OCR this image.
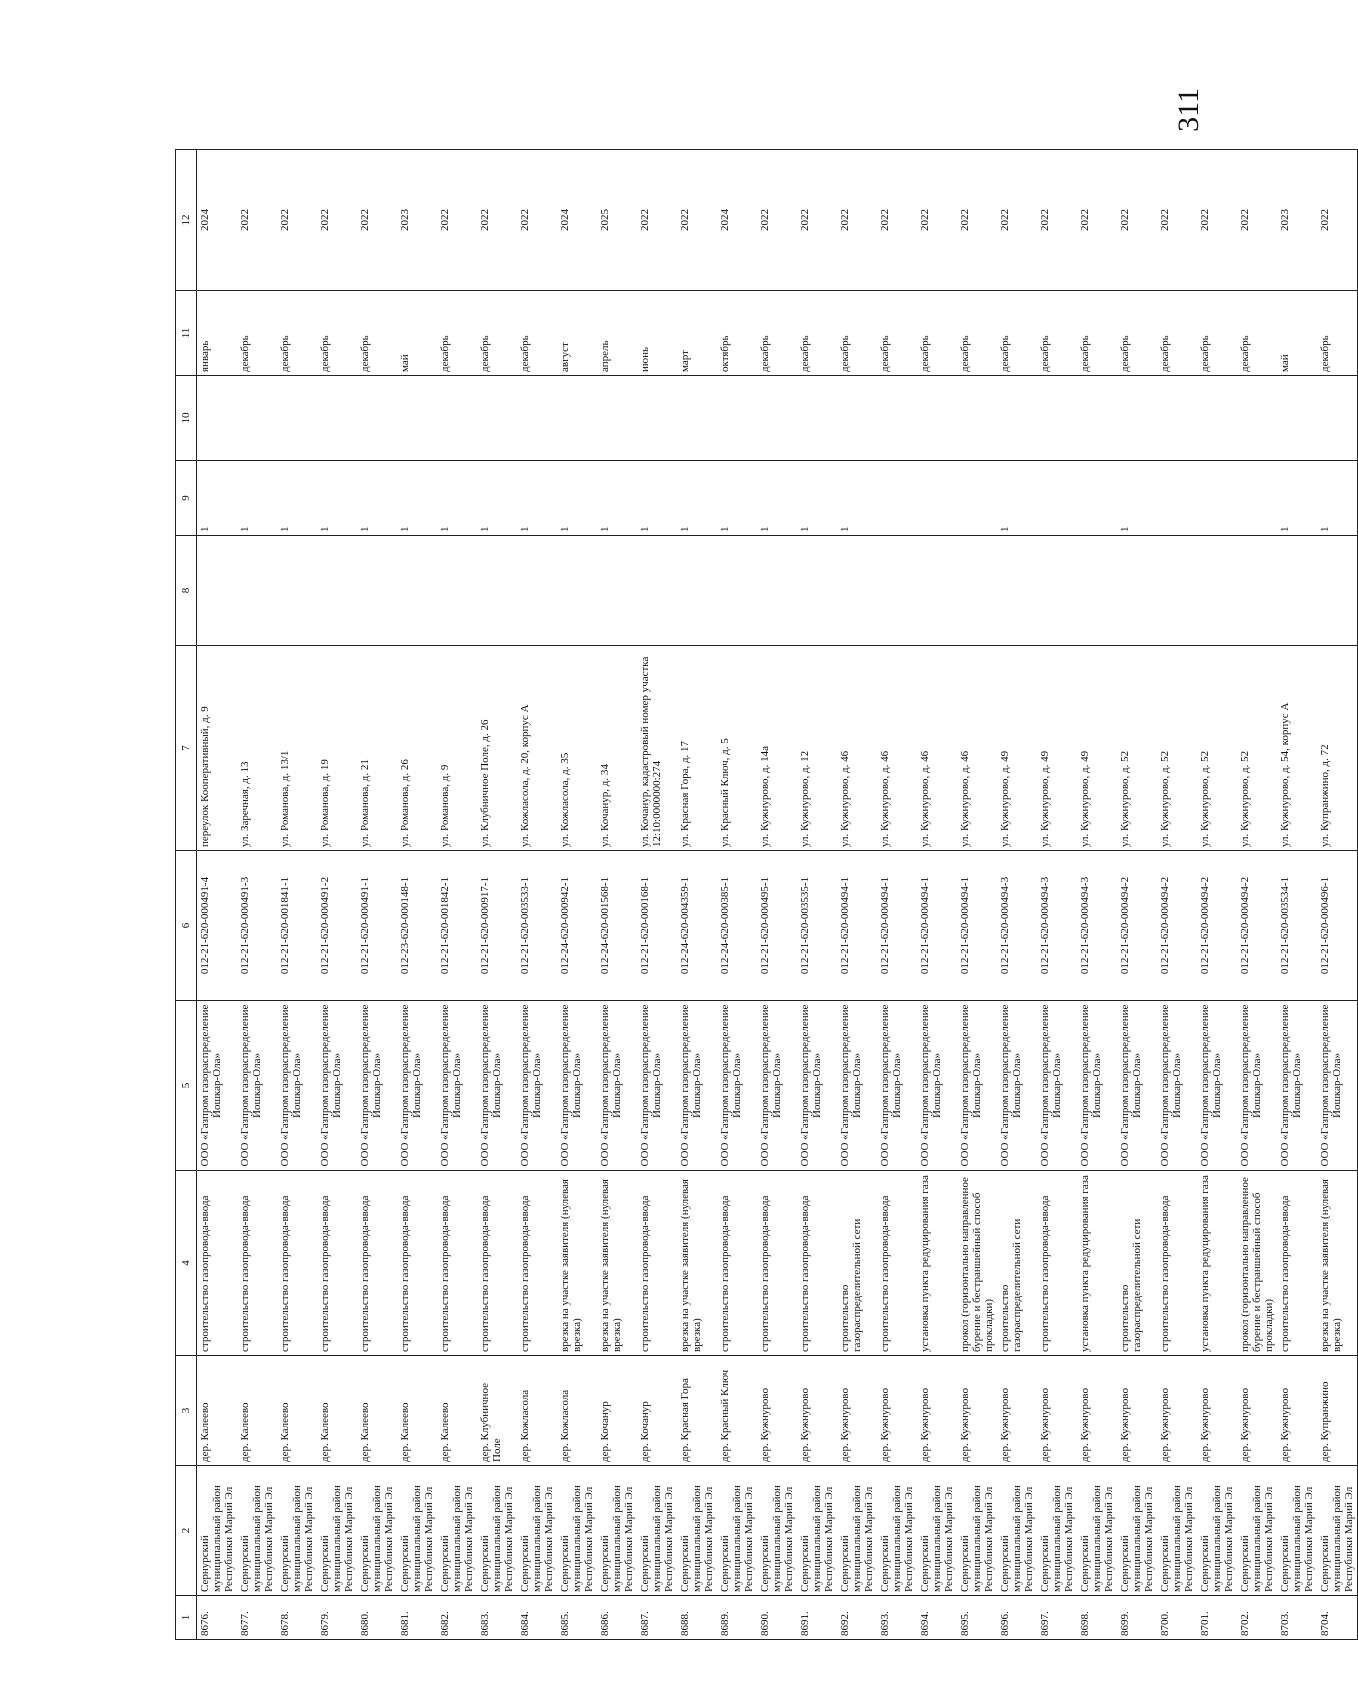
311
1	2	3	4	5	6	7	8	9	10	11	12
8676.	Сернурский муниципальный район Республики Марий Эл	дер. Калеево	строительство газопровода-ввода	ООО «Газпром газораспределение Йошкар-Ола»	012-21-620-000491-4	переулок Кооперативный, д. 9		1		январь	2024
8677.	Сернурский муниципальный район Республики Марий Эл	дер. Калеево	строительство газопровода-ввода	ООО «Газпром газораспределение Йошкар-Ола»	012-21-620-000491-3	ул. Заречная, д. 13		1		декабрь	2022
8678.	Сернурский муниципальный район Республики Марий Эл	дер. Калеево	строительство газопровода-ввода	ООО «Газпром газораспределение Йошкар-Ола»	012-21-620-001841-1	ул. Романова, д. 13/1		1		декабрь	2022
8679.	Сернурский муниципальный район Республики Марий Эл	дер. Калеево	строительство газопровода-ввода	ООО «Газпром газораспределение Йошкар-Ола»	012-21-620-000491-2	ул. Романова, д. 19		1		декабрь	2022
8680.	Сернурский муниципальный район Республики Марий Эл	дер. Калеево	строительство газопровода-ввода	ООО «Газпром газораспределение Йошкар-Ола»	012-21-620-000491-1	ул. Романова, д. 21		1		декабрь	2022
8681.	Сернурский муниципальный район Республики Марий Эл	дер. Калеево	строительство газопровода-ввода	ООО «Газпром газораспределение Йошкар-Ола»	012-23-620-000148-1	ул. Романова, д. 26		1		май	2023
8682.	Сернурский муниципальный район Республики Марий Эл	дер. Калеево	строительство газопровода-ввода	ООО «Газпром газораспределение Йошкар-Ола»	012-21-620-001842-1	ул. Романова, д. 9		1		декабрь	2022
8683.	Сернурский муниципальный район Республики Марий Эл	дер. Клубничное Поле	строительство газопровода-ввода	ООО «Газпром газораспределение Йошкар-Ола»	012-21-620-000917-1	ул. Клубничное Поле, д. 26		1		декабрь	2022
8684.	Сернурский муниципальный район Республики Марий Эл	дер. Кожласола	строительство газопровода-ввода	ООО «Газпром газораспределение Йошкар-Ола»	012-21-620-003533-1	ул. Кожласола, д. 20, корпус А		1		декабрь	2022
8685.	Сернурский муниципальный район Республики Марий Эл	дер. Кожласола	врезка на участке заявителя (нулевая врезка)	ООО «Газпром газораспределение Йошкар-Ола»	012-24-620-000942-1	ул. Кожласола, д. 35		1		август	2024
8686.	Сернурский муниципальный район Республики Марий Эл	дер. Кочанур	врезка на участке заявителя (нулевая врезка)	ООО «Газпром газораспределение Йошкар-Ола»	012-24-620-001568-1	ул. Кочанур, д. 34		1		апрель	2025
8687.	Сернурский муниципальный район Республики Марий Эл	дер. Кочанур	строительство газопровода-ввода	ООО «Газпром газораспределение Йошкар-Ола»	012-21-620-000168-1	ул. Кочанур, кадастровый номер участка 12:10:0000000:274		1		июнь	2022
8688.	Сернурский муниципальный район Республики Марий Эл	дер. Красная Гора	врезка на участке заявителя (нулевая врезка)	ООО «Газпром газораспределение Йошкар-Ола»	012-24-620-004359-1	ул. Красная Гора, д. 17		1		март	2022
8689.	Сернурский муниципальный район Республики Марий Эл	дер. Красный Ключ	строительство газопровода-ввода	ООО «Газпром газораспределение Йошкар-Ола»	012-24-620-000385-1	ул. Красный Ключ, д. 5		1		октябрь	2024
8690.	Сернурский муниципальный район Республики Марий Эл	дер. Кужнурово	строительство газопровода-ввода	ООО «Газпром газораспределение Йошкар-Ола»	012-21-620-000495-1	ул. Кужнурово, д. 14а		1		декабрь	2022
8691.	Сернурский муниципальный район Республики Марий Эл	дер. Кужнурово	строительство газопровода-ввода	ООО «Газпром газораспределение Йошкар-Ола»	012-21-620-003535-1	ул. Кужнурово, д. 12		1		декабрь	2022
8692.	Сернурский муниципальный район Республики Марий Эл	дер. Кужнурово	строительство газораспределительной сети	ООО «Газпром газораспределение Йошкар-Ола»	012-21-620-000494-1	ул. Кужнурово, д. 46		1		декабрь	2022
8693.	Сернурский муниципальный район Республики Марий Эл	дер. Кужнурово	строительство газопровода-ввода	ООО «Газпром газораспределение Йошкар-Ола»	012-21-620-000494-1	ул. Кужнурово, д. 46				декабрь	2022
8694.	Сернурский муниципальный район Республики Марий Эл	дер. Кужнурово	установка пункта редуцирования газа	ООО «Газпром газораспределение Йошкар-Ола»	012-21-620-000494-1	ул. Кужнурово, д. 46				декабрь	2022
8695.	Сернурский муниципальный район Республики Марий Эл	дер. Кужнурово	прокол (горизонтально направленное бурение и бестраншейный способ прокладки)	ООО «Газпром газораспределение Йошкар-Ола»	012-21-620-000494-1	ул. Кужнурово, д. 46				декабрь	2022
8696.	Сернурский муниципальный район Республики Марий Эл	дер. Кужнурово	строительство газораспределительной сети	ООО «Газпром газораспределение Йошкар-Ола»	012-21-620-000494-3	ул. Кужнурово, д. 49		1		декабрь	2022
8697.	Сернурский муниципальный район Республики Марий Эл	дер. Кужнурово	строительство газопровода-ввода	ООО «Газпром газораспределение Йошкар-Ола»	012-21-620-000494-3	ул. Кужнурово, д. 49				декабрь	2022
8698.	Сернурский муниципальный район Республики Марий Эл	дер. Кужнурово	установка пункта редуцирования газа	ООО «Газпром газораспределение Йошкар-Ола»	012-21-620-000494-3	ул. Кужнурово, д. 49				декабрь	2022
8699.	Сернурский муниципальный район Республики Марий Эл	дер. Кужнурово	строительство газораспределительной сети	ООО «Газпром газораспределение Йошкар-Ола»	012-21-620-000494-2	ул. Кужнурово, д. 52		1		декабрь	2022
8700.	Сернурский муниципальный район Республики Марий Эл	дер. Кужнурово	строительство газопровода-ввода	ООО «Газпром газораспределение Йошкар-Ола»	012-21-620-000494-2	ул. Кужнурово, д. 52				декабрь	2022
8701.	Сернурский муниципальный район Республики Марий Эл	дер. Кужнурово	установка пункта редуцирования газа	ООО «Газпром газораспределение Йошкар-Ола»	012-21-620-000494-2	ул. Кужнурово, д. 52				декабрь	2022
8702.	Сернурский муниципальный район Республики Марий Эл	дер. Кужнурово	прокол (горизонтально направленное бурение и бестраншейный способ прокладки)	ООО «Газпром газораспределение Йошкар-Ола»	012-21-620-000494-2	ул. Кужнурово, д. 52				декабрь	2022
8703.	Сернурский муниципальный район Республики Марий Эл	дер. Кужнурово	строительство газопровода-ввода	ООО «Газпром газораспределение Йошкар-Ола»	012-21-620-003534-1	ул. Кужнурово, д. 54, корпус А		1		май	2023
8704.	Сернурский муниципальный район Республики Марий Эл	дер. Купранжино	врезка на участке заявителя (нулевая врезка)	ООО «Газпром газораспределение Йошкар-Ола»	012-21-620-000496-1	ул. Купранжино, д. 72		1		декабрь	2022
